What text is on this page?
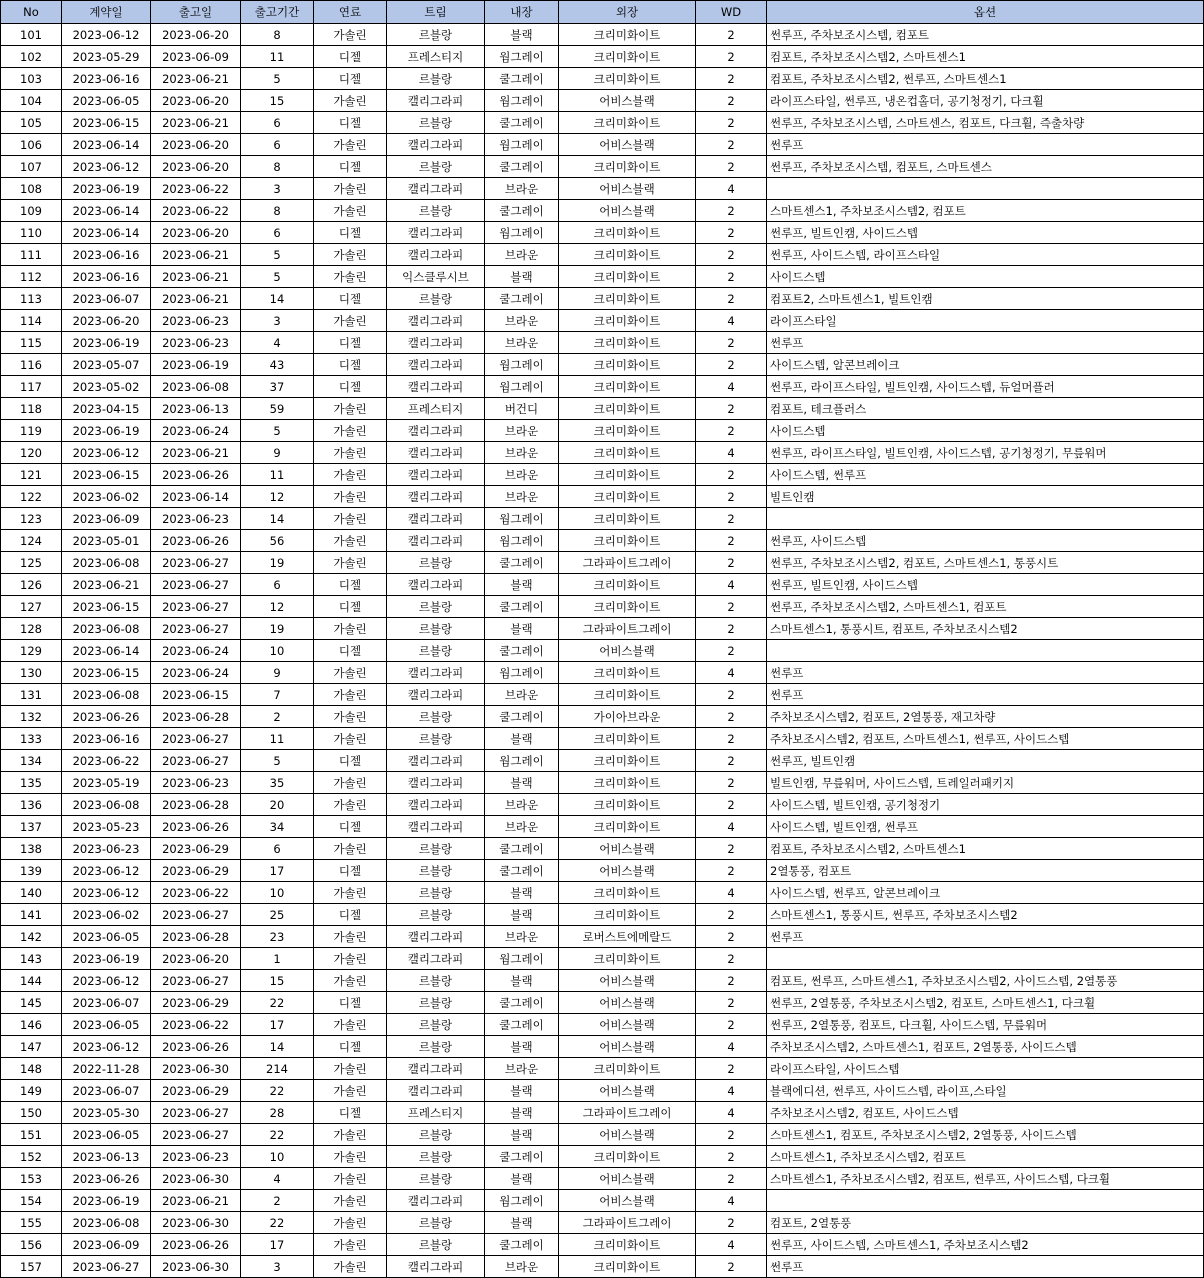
No	계약일	출고일	출고기간	연료	트림	내장	외장	WD	옵션
101	2023-06-12	2023-06-20	8	가솔린	르블랑	블랙	크리미화이트	2	썬루프, 주차보조시스템, 컴포트
102	2023-05-29	2023-06-09	11	디젤	프레스티지	웜그레이	크리미화이트	2	컴포트, 주차보조시스템2, 스마트센스1
103	2023-06-16	2023-06-21	5	디젤	르블랑	쿨그레이	크리미화이트	2	컴포트, 주차보조시스템2, 썬루프, 스마트센스1
104	2023-06-05	2023-06-20	15	가솔린	캘리그라피	웜그레이	어비스블랙	2	라이프스타일, 썬루프, 냉온컵홀더, 공기청정기, 다크휠
105	2023-06-15	2023-06-21	6	디젤	르블랑	쿨그레이	크리미화이트	2	썬루프, 주차보조시스템, 스마트센스, 컴포트, 다크휠, 즉출차량
106	2023-06-14	2023-06-20	6	가솔린	캘리그라피	웜그레이	어비스블랙	2	썬루프
107	2023-06-12	2023-06-20	8	디젤	르블랑	쿨그레이	크리미화이트	2	썬루프, 주차보조시스템, 컴포트, 스마트센스
108	2023-06-19	2023-06-22	3	가솔린	캘리그라피	브라운	어비스블랙	4	
109	2023-06-14	2023-06-22	8	가솔린	르블랑	쿨그레이	어비스블랙	2	스마트센스1, 주차보조시스템2, 컴포트
110	2023-06-14	2023-06-20	6	디젤	캘리그라피	웜그레이	크리미화이트	2	썬루프, 빌트인캠, 사이드스텝
111	2023-06-16	2023-06-21	5	가솔린	캘리그라피	브라운	크리미화이트	2	썬루프, 사이드스텝, 라이프스타일
112	2023-06-16	2023-06-21	5	가솔린	익스클루시브	블랙	크리미화이트	2	사이드스텝
113	2023-06-07	2023-06-21	14	디젤	르블랑	쿨그레이	크리미화이트	2	컴포트2, 스마트센스1, 빌트인캠
114	2023-06-20	2023-06-23	3	가솔린	캘리그라피	브라운	크리미화이트	4	라이프스타일
115	2023-06-19	2023-06-23	4	디젤	캘리그라피	브라운	크리미화이트	2	썬루프
116	2023-05-07	2023-06-19	43	디젤	캘리그라피	웜그레이	크리미화이트	2	사이드스텝, 알콘브레이크
117	2023-05-02	2023-06-08	37	디젤	캘리그라피	웜그레이	크리미화이트	4	썬루프, 라이프스타일, 빌트인캠, 사이드스텝, 듀얼머플러
118	2023-04-15	2023-06-13	59	가솔린	프레스티지	버건디	크리미화이트	2	컴포트, 테크플러스
119	2023-06-19	2023-06-24	5	가솔린	캘리그라피	브라운	크리미화이트	2	사이드스텝
120	2023-06-12	2023-06-21	9	가솔린	캘리그라피	브라운	크리미화이트	4	썬루프, 라이프스타일, 빌트인캠, 사이드스텝, 공기청정기, 무릎워머
121	2023-06-15	2023-06-26	11	가솔린	캘리그라피	브라운	크리미화이트	2	사이드스텝, 썬루프
122	2023-06-02	2023-06-14	12	가솔린	캘리그라피	브라운	크리미화이트	2	빌트인캠
123	2023-06-09	2023-06-23	14	가솔린	캘리그라피	웜그레이	크리미화이트	2	
124	2023-05-01	2023-06-26	56	가솔린	캘리그라피	웜그레이	크리미화이트	2	썬루프, 사이드스텝
125	2023-06-08	2023-06-27	19	가솔린	르블랑	쿨그레이	그라파이트그레이	2	썬루프, 주차보조시스템2, 컴포트, 스마트센스1, 통풍시트
126	2023-06-21	2023-06-27	6	디젤	캘리그라피	블랙	크리미화이트	4	썬루프, 빌트인캠, 사이드스텝
127	2023-06-15	2023-06-27	12	디젤	르블랑	쿨그레이	크리미화이트	2	썬루프, 주차보조시스템2, 스마트센스1, 컴포트
128	2023-06-08	2023-06-27	19	가솔린	르블랑	블랙	그라파이트그레이	2	스마트센스1, 통풍시트, 컴포트, 주차보조시스템2
129	2023-06-14	2023-06-24	10	디젤	르블랑	쿨그레이	어비스블랙	2	
130	2023-06-15	2023-06-24	9	가솔린	캘리그라피	웜그레이	크리미화이트	4	썬루프
131	2023-06-08	2023-06-15	7	가솔린	캘리그라피	브라운	크리미화이트	2	썬루프
132	2023-06-26	2023-06-28	2	가솔린	르블랑	쿨그레이	가이아브라운	2	주차보조시스템2, 컴포트, 2열통풍, 재고차량
133	2023-06-16	2023-06-27	11	가솔린	르블랑	블랙	크리미화이트	2	주차보조시스템2, 컴포트, 스마트센스1, 썬루프, 사이드스텝
134	2023-06-22	2023-06-27	5	디젤	캘리그라피	웜그레이	크리미화이트	2	썬루프, 빌트인캠
135	2023-05-19	2023-06-23	35	가솔린	캘리그라피	블랙	크리미화이트	2	빌트인캠, 무릎워머, 사이드스텝, 트레일러패키지
136	2023-06-08	2023-06-28	20	가솔린	캘리그라피	브라운	크리미화이트	2	사이드스텝, 빌트인캠, 공기청정기
137	2023-05-23	2023-06-26	34	디젤	캘리그라피	브라운	크리미화이트	4	사이드스텝, 빌트인캠, 썬루프
138	2023-06-23	2023-06-29	6	가솔린	르블랑	쿨그레이	어비스블랙	2	컴포트, 주차보조시스템2, 스마트센스1
139	2023-06-12	2023-06-29	17	디젤	르블랑	쿨그레이	어비스블랙	2	2열통풍, 컴포트
140	2023-06-12	2023-06-22	10	가솔린	르블랑	블랙	크리미화이트	4	사이드스텝, 썬루프, 알콘브레이크
141	2023-06-02	2023-06-27	25	디젤	르블랑	블랙	크리미화이트	2	스마트센스1, 통풍시트, 썬루프, 주차보조시스템2
142	2023-06-05	2023-06-28	23	가솔린	캘리그라피	브라운	로버스트에메랄드	2	썬루프
143	2023-06-19	2023-06-20	1	가솔린	캘리그라피	웜그레이	크리미화이트	2	
144	2023-06-12	2023-06-27	15	가솔린	르블랑	블랙	어비스블랙	2	컴포트, 썬루프, 스마트센스1, 주차보조시스템2, 사이드스텝, 2열통풍
145	2023-06-07	2023-06-29	22	디젤	르블랑	쿨그레이	어비스블랙	2	썬루프, 2열통풍, 주차보조시스템2, 컴포트, 스마트센스1, 다크휠
146	2023-06-05	2023-06-22	17	가솔린	르블랑	쿨그레이	어비스블랙	2	썬루프, 2열통풍, 컴포트, 다크휠, 사이드스텝, 무릎워머
147	2023-06-12	2023-06-26	14	디젤	르블랑	블랙	어비스블랙	4	주차보조시스템2, 스마트센스1, 컴포트, 2열통풍, 사이드스텝
148	2022-11-28	2023-06-30	214	가솔린	캘리그라피	브라운	크리미화이트	2	라이프스타일, 사이드스텝
149	2023-06-07	2023-06-29	22	가솔린	캘리그라피	블랙	어비스블랙	4	블랙에디션, 썬루프, 사이드스텝, 라이프,스타일
150	2023-05-30	2023-06-27	28	디젤	프레스티지	블랙	그라파이트그레이	4	주차보조시스템2, 컴포트, 사이드스텝
151	2023-06-05	2023-06-27	22	가솔린	르블랑	블랙	어비스블랙	2	스마트센스1, 컴포트, 주차보조시스템2, 2열통풍, 사이드스텝
152	2023-06-13	2023-06-23	10	가솔린	르블랑	쿨그레이	크리미화이트	2	스마트센스1, 주차보조시스템2, 컴포트
153	2023-06-26	2023-06-30	4	가솔린	르블랑	블랙	어비스블랙	2	스마트센스1, 주차보조시스템2, 컴포트, 썬루프, 사이드스텝, 다크휠
154	2023-06-19	2023-06-21	2	가솔린	캘리그라피	웜그레이	어비스블랙	4	
155	2023-06-08	2023-06-30	22	가솔린	르블랑	블랙	그라파이트그레이	2	컴포트, 2열통풍
156	2023-06-09	2023-06-26	17	가솔린	르블랑	쿨그레이	크리미화이트	4	썬루프, 사이드스텝, 스마트센스1, 주차보조시스템2
157	2023-06-27	2023-06-30	3	가솔린	캘리그라피	브라운	크리미화이트	2	썬루프
